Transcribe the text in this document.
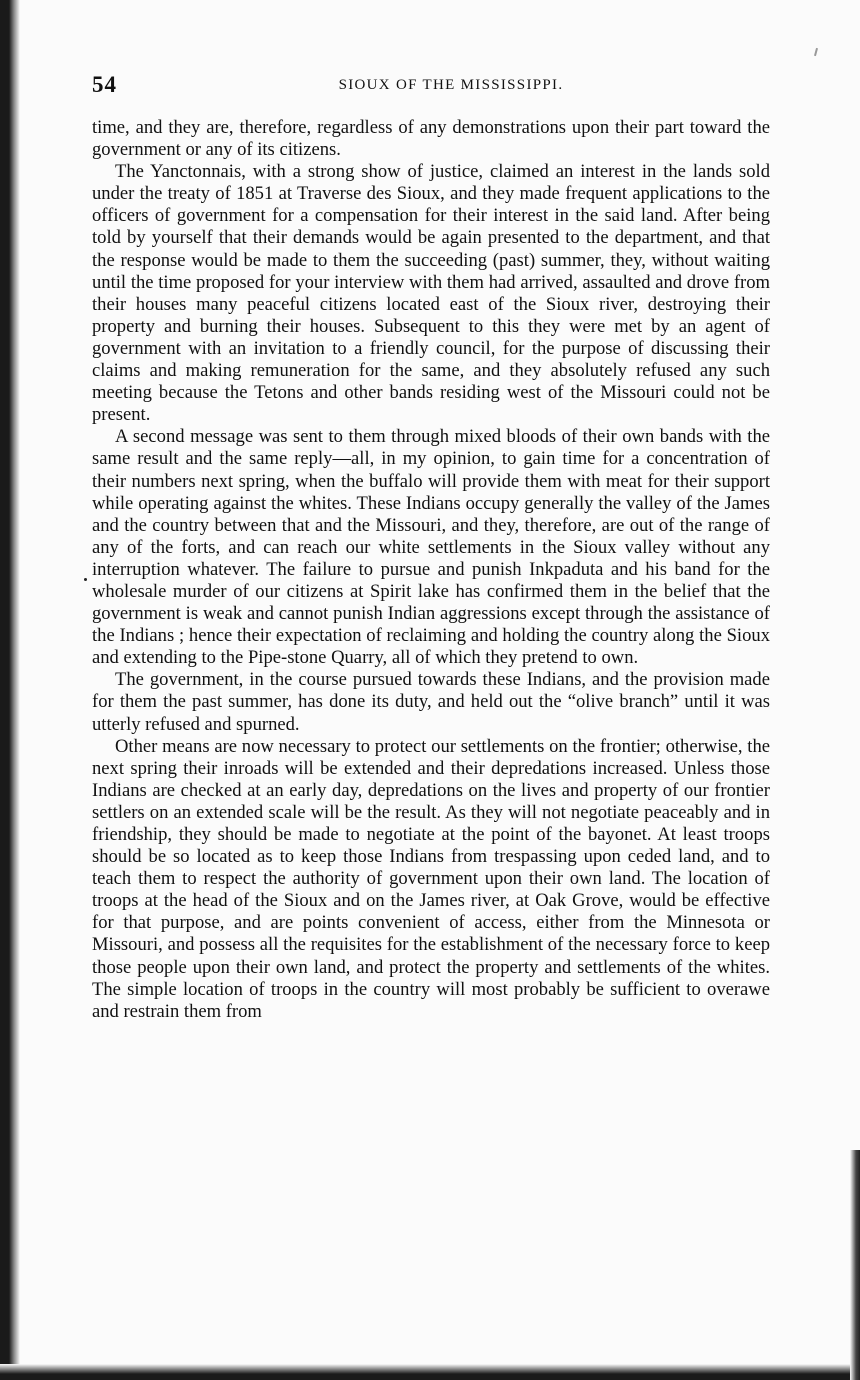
54	SIOUX OF THE MISSISSIPPI.

time, and they are, therefore, regardless of any demonstrations upon their part toward the government or any of its citizens.

The Yanctonnais, with a strong show of justice, claimed an interest in the lands sold under the treaty of 1851 at Traverse des Sioux, and they made frequent applications to the officers of government for a compensation for their interest in the said land. After being told by yourself that their demands would be again presented to the department, and that the response would be made to them the succeeding (past) summer, they, without waiting until the time proposed for your interview with them had arrived, assaulted and drove from their houses many peaceful citizens located east of the Sioux river, destroying their property and burning their houses. Subsequent to this they were met by an agent of government with an invitation to a friendly council, for the purpose of discussing their claims and making remuneration for the same, and they absolutely refused any such meeting because the Tetons and other bands residing west of the Missouri could not be present.

A second message was sent to them through mixed bloods of their own bands with the same result and the same reply—all, in my opinion, to gain time for a concentration of their numbers next spring, when the buffalo will provide them with meat for their support while operating against the whites. These Indians occupy generally the valley of the James and the country between that and the Missouri, and they, therefore, are out of the range of any of the forts, and can reach our white settlements in the Sioux valley without any interruption whatever. The failure to pursue and punish Inkpaduta and his band for the wholesale murder of our citizens at Spirit lake has confirmed them in the belief that the government is weak and cannot punish Indian aggressions except through the assistance of the Indians ; hence their expectation of reclaiming and holding the country along the Sioux and extending to the Pipe-stone Quarry, all of which they pretend to own.

The government, in the course pursued towards these Indians, and the provision made for them the past summer, has done its duty, and held out the “olive branch” until it was utterly refused and spurned.

Other means are now necessary to protect our settlements on the frontier; otherwise, the next spring their inroads will be extended and their depredations increased. Unless those Indians are checked at an early day, depredations on the lives and property of our frontier settlers on an extended scale will be the result. As they will not negotiate peaceably and in friendship, they should be made to negotiate at the point of the bayonet. At least troops should be so located as to keep those Indians from trespassing upon ceded land, and to teach them to respect the authority of government upon their own land. The location of troops at the head of the Sioux and on the James river, at Oak Grove, would be effective for that purpose, and are points convenient of access, either from the Minnesota or Missouri, and possess all the requisites for the establishment of the necessary force to keep those people upon their own land, and protect the property and settlements of the whites. The simple location of troops in the country will most probably be sufficient to overawe and restrain them from
